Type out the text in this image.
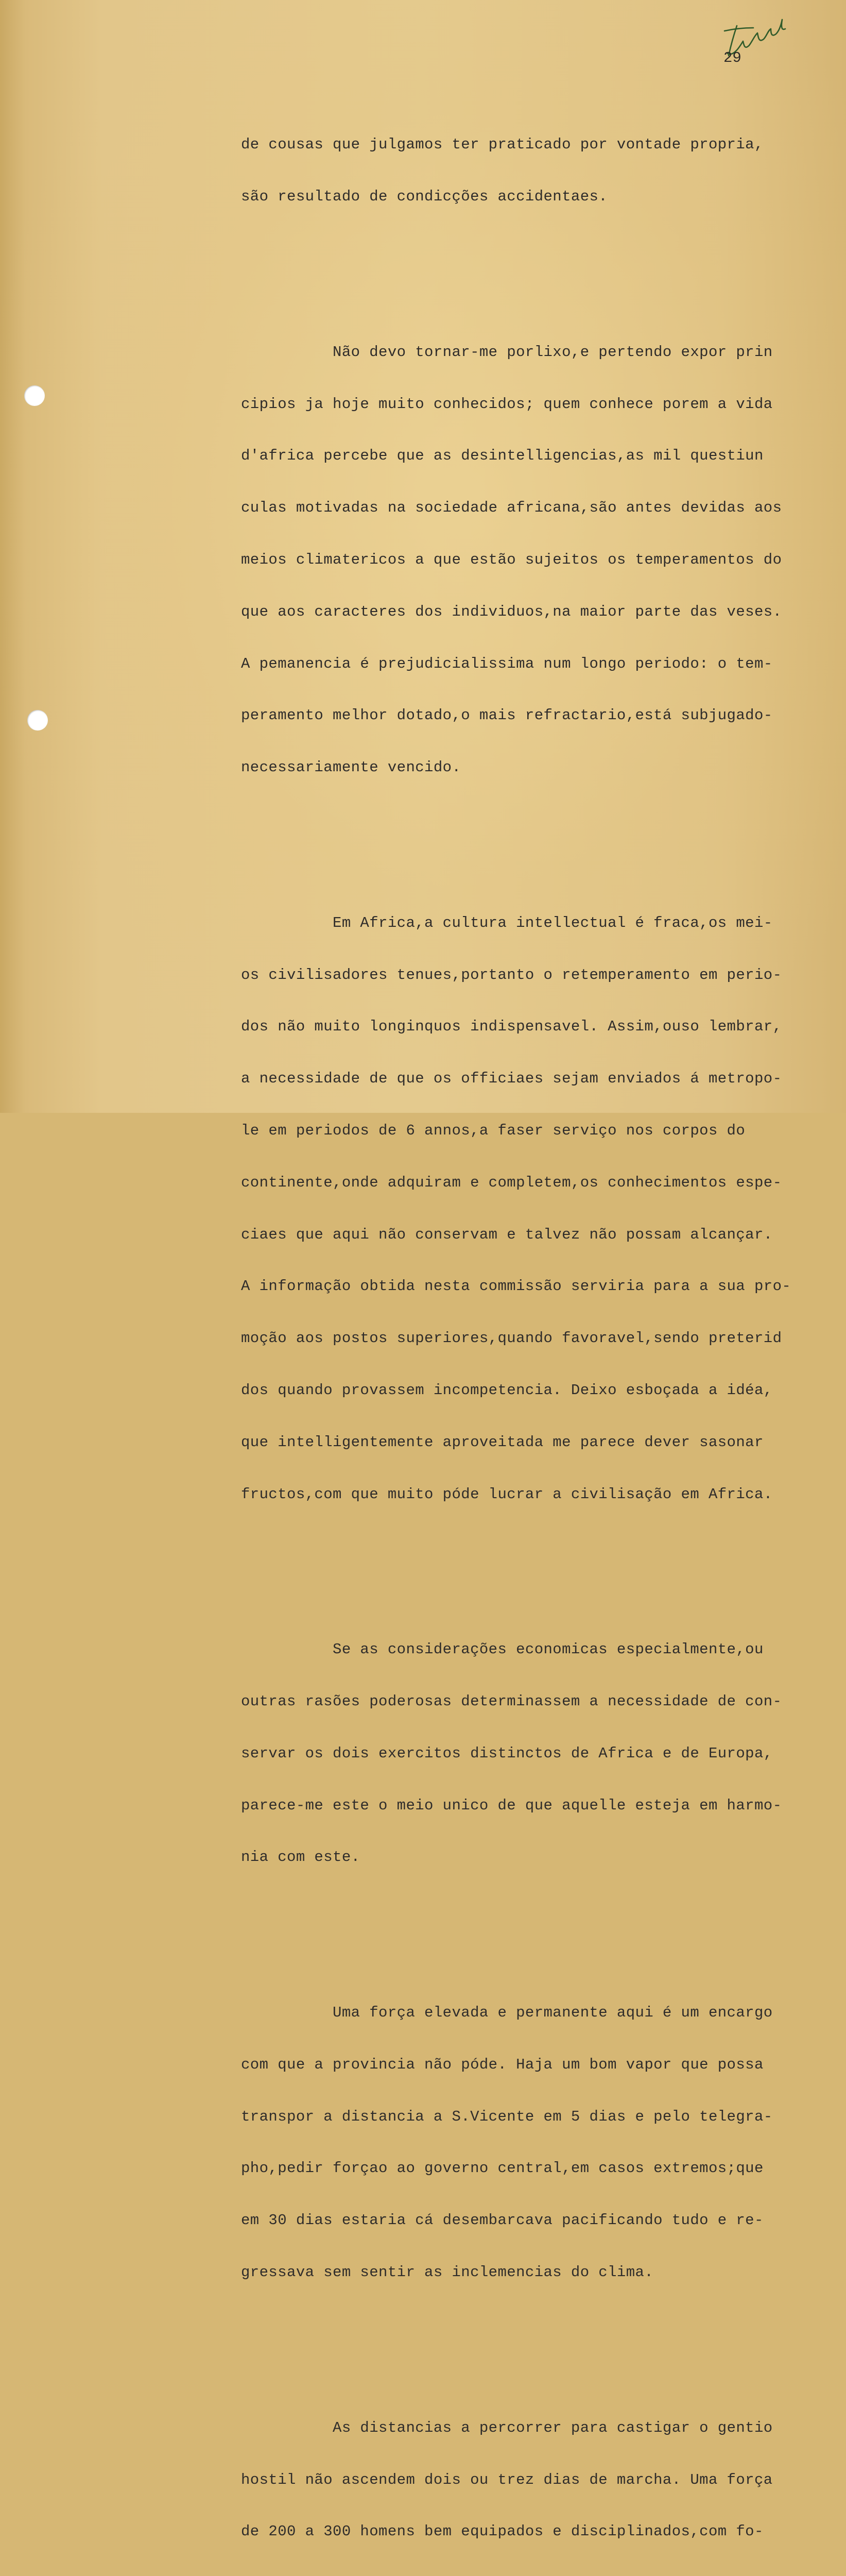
29

de cousas que julgamos ter praticado por vontade propria,

são resultado de condicções accidentaes.

Não devo tornar-me porlixo,e pertendo expor prin

cipios ja hoje muito conhecidos; quem conhece porem a vida

d'africa percebe que as desintelligencias,as mil questiun

culas motivadas na sociedade africana,são antes devidas aos

meios climatericos a que estão sujeitos os temperamentos do

que aos caracteres dos individuos,na maior parte das veses.

A pemanencia é prejudicialissima num longo periodo: o tem-

peramento melhor dotado,o mais refractario,está subjugado-

necessariamente vencido.

Em Africa,a cultura intellectual é fraca,os mei-

os civilisadores tenues,portanto o retemperamento em perio-

dos não muito longinquos indispensavel. Assim,ouso lembrar,

a necessidade de que os officiaes sejam enviados á metropo-

le em periodos de 6 annos,a faser serviço nos corpos do

continente,onde adquiram e completem,os conhecimentos espe-

ciaes que aqui não conservam e talvez não possam alcançar.

A informação obtida nesta commissão serviria para a sua pro-

moção aos postos superiores,quando favoravel,sendo preterid

dos quando provassem incompetencia. Deixo esboçada a idéa,

que intelligentemente aproveitada me parece dever sasonar

fructos,com que muito póde lucrar a civilisação em Africa.

Se as considerações economicas especialmente,ou

outras rasões poderosas determinassem a necessidade de con-

servar os dois exercitos distinctos de Africa e de Europa,

parece-me este o meio unico de que aquelle esteja em harmo-

nia com este.

Uma força elevada e permanente aqui é um encargo

com que a provincia não póde. Haja um bom vapor que possa

transpor a distancia a S.Vicente em 5 dias e pelo telegra-

pho,pedir forçao ao governo central,em casos extremos;que

em 30 dias estaria cá desembarcava pacificando tudo e re-

gressava sem sentir as inclemencias do clima.

As distancias a percorrer para castigar o gentio

hostil não ascendem dois ou trez dias de marcha. Uma força

de 200 a 300 homens bem equipados e disciplinados,com fo-
